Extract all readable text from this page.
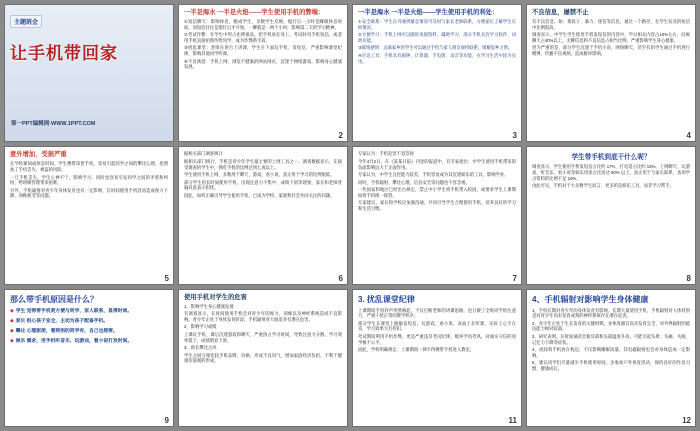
主题班会
让手机带回家
第一PPT编辑网·WWW.1PPT.COM
一半是海水 一半是火焰——学生使用手机的弊端：

①短信聊天：影响休息，瘾成学生，多数学生反映，熄灯后一小时是睡眠休息时间，而短信往往是熄灯后才开始，一聊就是一两个小时，影响第二天的学习精神。

②考试作弊：在学生中所占比例很高。把手机放在身上，考试时用手机短信，或者用手机直接拍照传给同学，成为作弊新手段。

③扰乱课堂：老师在讲台上讲课，学生在下面玩手机、发短信，严重影响课堂纪律，影响其他同学听课。

④不良诱惑：手机上网，浏览不健康的网站网页，沉迷于网络游戏，影响身心健康发展。

2
一半是海水 一半是火焰——学生使用手机的利处：

①安全联系：学生在外遇到紧急情况可及时与家长老师联系，方便家长了解学生在校情况。

②方便学习：手机上网可以随时查阅资料，辅助学习，部分手机具有学习软件、词典功能。

③联络感情：远离家乡的学生可以通过手机与家人朋友保持联系，缓解思乡之情。

④应急工具：手机具有闹钟、计算器、手电筒、录音等功能，在学习生活中较为实用。

3
不良信息，屡禁不止

有不良信息，如：黄段子、暴力、迷信等信息，通过一个路径，在学生发送的短信中比例很高。

调查显示，中学生学生使用手机发短信的内容中，学习相关内容占10%左右，问候聊天占40%以上，无聊信息和不良信息占相当比例，严重影响学生身心健康。

更为严重的是，部分学生沉迷于手机小说、网络聊天，甚至有的学生通过手机进行赌博、传播不良视频，造成极坏影响。

4
意外增加，受损严重

在学校课间或休息时间，学生携带昂贵手机，容易引起同学之间的攀比心理，也增加了手机丢失、被盗的风险。

一旦手机丢失，学生心神不宁，影响学习，同时也容易引发同学之间的矛盾和纠纷，给班级管理带来困难。

另外，手机辐射对青少年身体发育也有一定影响，长时间使用手机容易造成视力下降、颈椎疲劳等问题。

5

据相关部门调查统计

据相关部门统计，手机是青少年学生最主要的上网工具之一。调查数据显示，在接受调查的学生中，拥有手机的比例达到七成以上。

学生使用手机上网，多数用于聊天、游戏、看小说，真正用于学习的比例很低。

部分学生因长时间使用手机，出现注意力不集中、成绩下滑等现象，家长和老师普遍对此表示担忧。

因此，如何正确引导学生使用手机，已成为学校、家庭和社会共同关注的问题。

6

专家认为：手机危害不容忽视

今年4月2日，在《某某日报》刊登的报道中，有专家指出：中学生使用手机带来的负面影响远大于正面作用。

专家认为，中学生自控能力较差，手机容易成为其沉迷娱乐的工具，影响学业。

同时，手机辐射、攀比心理、信息安全等问题也不容忽视。

一些国家和地区已经出台规定，禁止中小学生将手机带入校园，或要求学生上课期间将手机统一保管。

专家建议，家长和学校应加强沟通，共同引导学生合理使用手机，培养良好的学习和生活习惯。

7
学生带手机到底干什么呢？

调查显示，学生使用手机发短信占比约 17%，打电话占比约 15%，上网聊天、玩游戏、听音乐、看小说等娱乐用途占比高达 60% 以上，真正用于与家长联系、查询学习资料的比例不足 10%。

由此可见，手机对于大多数学生而言，更多的是娱乐工具，而非学习帮手。

8
那么带手机原因是什么？
◆ 学生 觉得带手机更方便与同学、家人联系，显得时尚。
◆ 家长 担心孩子安全，主动为孩子配备手机。
◆ 攀比 心理驱使，看到别的同学有，自己也想要。
◆ 娱乐 需求，用手机听音乐、玩游戏、看小说打发时间。
9
使用手机对学生的危害

1、影响学生身心健康发展

有调查显示，长时间使用手机会对青少年的视力、颈椎以及神经系统造成不良影响。青少年正处于身体发育阶段，手机辐射对大脑发育有潜在危害。

2、影响学习成绩

上课玩手机、课后沉迷游戏和聊天，严重挤占学习时间，导致注意力分散，学习效率低下，成绩明显下滑。

3、助长攀比之风

学生之间互相比较手机品牌、价格，形成不良风气，增加家庭经济负担，不利于健康价值观的形成。

10
3. 扰乱课堂纪律

上课期间手机铃声突然响起，不仅打断老师的讲课思路，也分散了全班同学的注意力，严重干扰正常的教学秩序。

部分学生在课堂上偷偷发短信、玩游戏、看小说，表面上在听课，实际上心不在焉，学习效果大打折扣。

考试期间利用手机作弊，更是严重违反考试纪律，败坏学风考风，对诚实守信的同学极不公平。

因此，学校明确规定：上课期间一律不得携带手机进入教室。

11
4、手机辐射对影响学生身体健康

1、手机长期对青少年的身体发育有影响。长期大量使用手机，手机辐射对人体特别是对青少年尚未发育成熟的神经系统存在潜在危害。

2、青少年正处于生长发育的关键时期，身体各器官尚未发育完全，对外界辐射的抵抗能力相对较弱。

3、研究表明，长时间通话会使耳部和头部温度升高，可能引起头晕、头痛、失眠、记忆力下降等症状。

4、夜间将手机放在枕边，不仅影响睡眠质量，其电磁辐射也会对身体造成一定影响。

5、建议同学们尽量减少手机使用时间，多参加户外体育活动，保持良好的作息习惯，健康成长。

12
